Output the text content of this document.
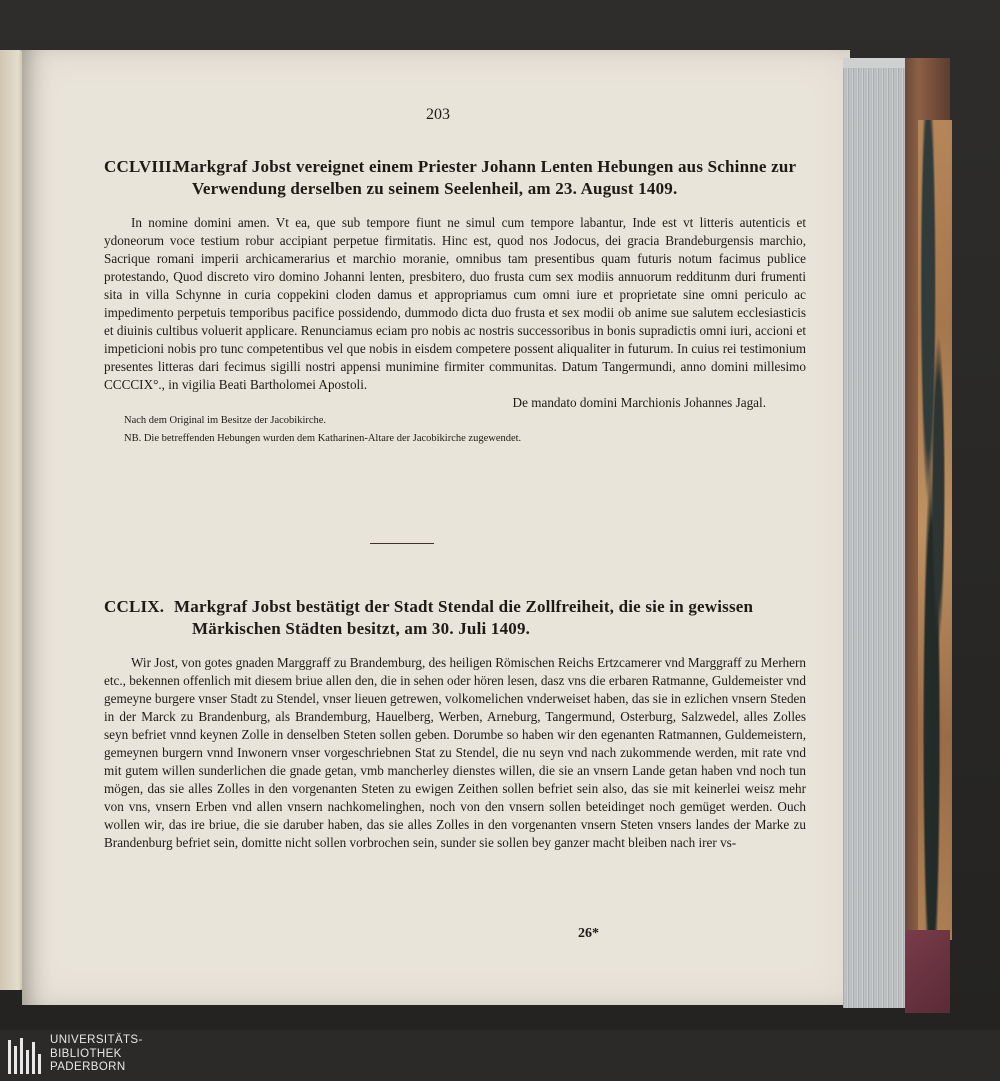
203
CCLVIII.Markgraf Jobst vereignet einem Priester Johann Lenten Hebungen aus Schinne zur
Verwendung derselben zu seinem Seelenheil, am 23. August 1409.

In nomine domini amen. Vt ea, que sub tempore fiunt ne simul cum tempore labantur, Inde est vt litteris autenticis et ydoneorum voce testium robur accipiant perpetue firmitatis. Hinc est, quod nos Jodocus, dei gracia Brandeburgensis marchio, Sacrique romani imperii archicamerarius et marchio moranie, omnibus tam presentibus quam futuris notum facimus publice protestando, Quod discreto viro domino Johanni lenten, presbitero, duo frusta cum sex modiis annuorum redditunm duri frumenti sita in villa Schynne in curia coppekini cloden damus et appropriamus cum omni iure et proprietate sine omni periculo ac impedimento perpetuis temporibus pacifice possidendo, dummodo dicta duo frusta et sex modii ob anime sue salutem ecclesiasticis et diuinis cultibus voluerit applicare. Renunciamus eciam pro nobis ac nostris successoribus in bonis supradictis omni iuri, accioni et impeticioni nobis pro tunc competentibus vel que nobis in eisdem competere possent aliqualiter in futurum. In cuius rei testimonium presentes litteras dari fecimus sigilli nostri appensi munimine firmiter communitas. Datum Tangermundi, anno domini millesimo CCCCIX°., in vigilia Beati Bartholomei Apostoli.

De mandato domini Marchionis Johannes Jagal.
Nach dem Original im Besitze der Jacobikirche.
NB. Die betreffenden Hebungen wurden dem Katharinen-Altare der Jacobikirche zugewendet.
CCLIX. Markgraf Jobst bestätigt der Stadt Stendal die Zollfreiheit, die sie in gewissen
Märkischen Städten besitzt, am 30. Juli 1409.

Wir Jost, von gotes gnaden Marggraff zu Brandemburg, des heiligen Römischen Reichs Ertzcamerer vnd Marggraff zu Merhern etc., bekennen offenlich mit diesem briue allen den, die in sehen oder hören lesen, dasz vns die erbaren Ratmanne, Guldemeister vnd gemeyne burgere vnser Stadt zu Stendel, vnser lieuen getrewen, volkomelichen vnderweiset haben, das sie in ezlichen vnsern Steden in der Marck zu Brandenburg, als Brandemburg, Hauelberg, Werben, Arneburg, Tangermund, Osterburg, Salzwedel, alles Zolles seyn befriet vnnd keynen Zolle in denselben Steten sollen geben. Dorumbe so haben wir den egenanten Ratmannen, Guldemeistern, gemeynen burgern vnnd Inwonern vnser vorgeschriebnen Stat zu Stendel, die nu seyn vnd nach zukommende werden, mit rate vnd mit gutem willen sunderlichen die gnade getan, vmb mancherley dienstes willen, die sie an vnsern Lande getan haben vnd noch tun mögen, das sie alles Zolles in den vorgenanten Steten zu ewigen Zeithen sollen befriet sein also, das sie mit keinerlei weisz mehr von vns, vnsern Erben vnd allen vnsern nachkomelinghen, noch von den vnsern sollen beteidinget noch gemüget werden. Ouch wollen wir, das ire briue, die sie daruber haben, das sie alles Zolles in den vorgenanten vnsern Steten vnsers landes der Marke zu Brandenburg befriet sein, domitte nicht sollen vorbrochen sein, sunder sie sollen bey ganzer macht bleiben nach irer vs-

26*
UNIVERSITÄTS-
BIBLIOTHEK
PADERBORN
